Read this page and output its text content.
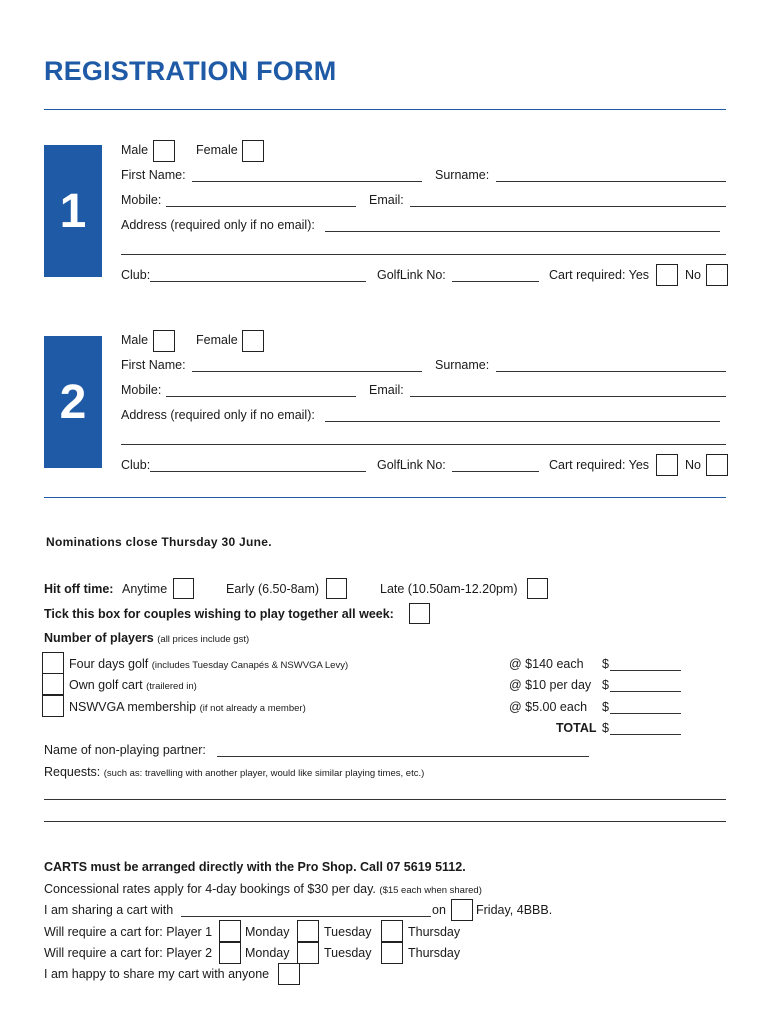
REGISTRATION FORM
1
Male	Female
First Name:	Surname:
Mobile:	Email:
Address (required only if no email):
Club:	GolfLink No:	Cart required: Yes	No
2
Male	Female
First Name:	Surname:
Mobile:	Email:
Address (required only if no email):
Club:	GolfLink No:	Cart required: Yes	No
Nominations close Thursday 30 June.
Hit off time: Anytime	Early (6.50-8am)	Late (10.50am-12.20pm)
Tick this box for couples wishing to play together all week:
Number of players (all prices include gst)
Four days golf (includes Tuesday Canapés & NSWVGA Levy)	@ $140 each $
Own golf cart (trailered in)	@ $10 per day $
NSWVGA membership (if not already a member)	@ $5.00 each $
TOTAL $
Name of non-playing partner:
Requests: (such as: travelling with another player, would like similar playing times, etc.)
CARTS must be arranged directly with the Pro Shop. Call 07 5619 5112.
Concessional rates apply for 4-day bookings of $30 per day. ($15 each when shared)
I am sharing a cart with	on Friday, 4BBB.
Will require a cart for: Player 1	Monday	Tuesday	Thursday
Will require a cart for: Player 2	Monday	Tuesday	Thursday
I am happy to share my cart with anyone
